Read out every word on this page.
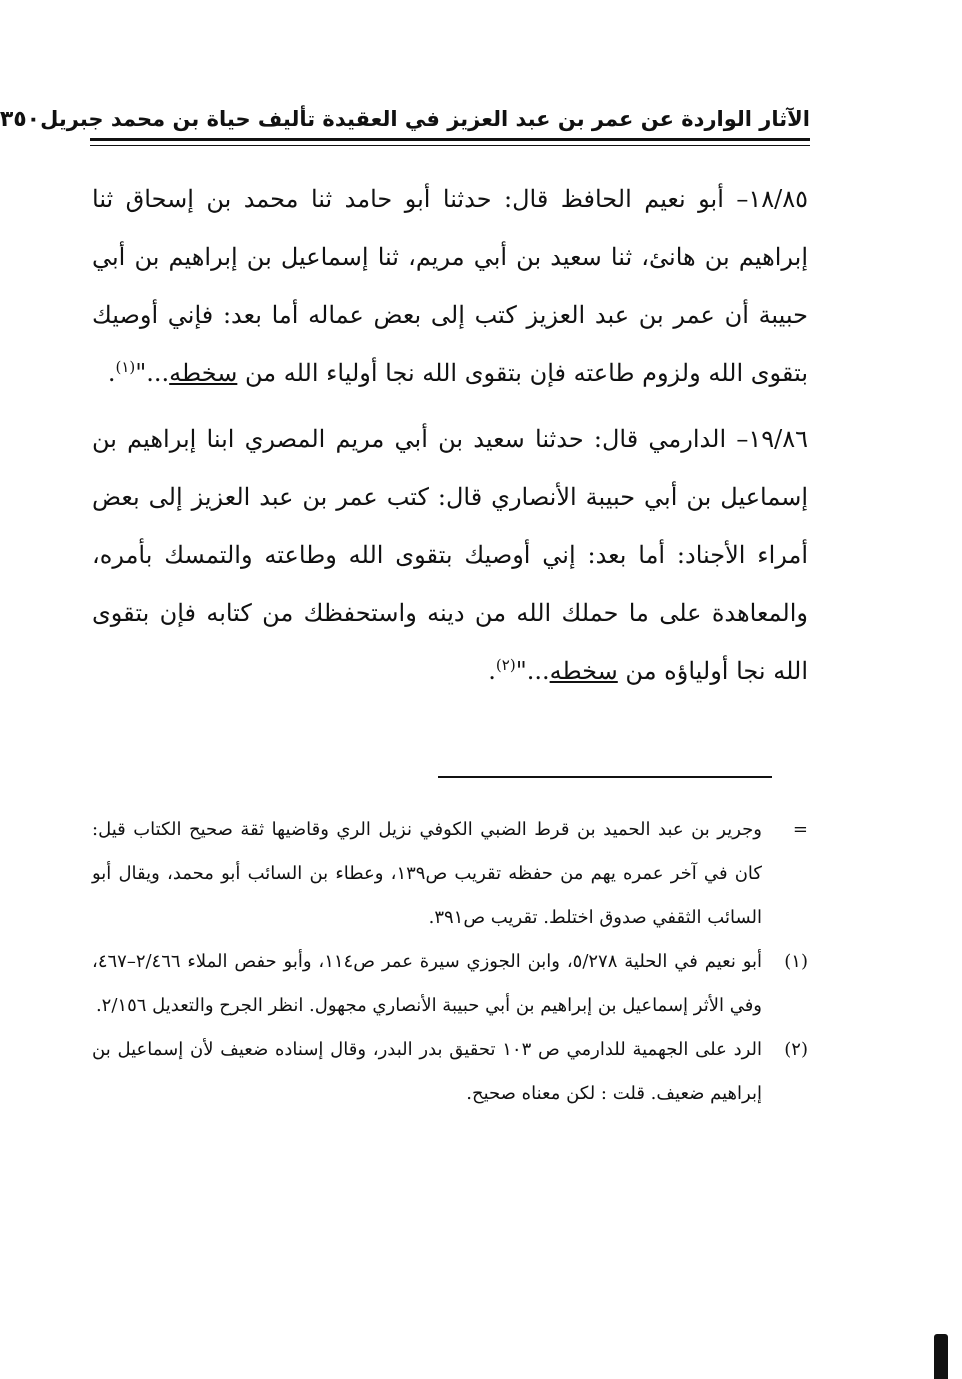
الآثار الواردة عن عمر بن عبد العزيز في العقيدة تأليف حياة بن محمد جبريل
٣٥٠

١٨/٨٥– أبو نعيم الحافظ قال: حدثنا أبو حامد ثنا محمد بن إسحاق ثنا إبراهيم بن هانئ، ثنا سعيد بن أبي مريم، ثنا إسماعيل بن إبراهيم بن أبي حبيبة أن عمر بن عبد العزيز كتب إلى بعض عماله أما بعد: فإني أوصيك بتقوى الله ولزوم طاعته فإن بتقوى الله نجا أولياء الله من سخطه..."$^{(١)}$.

١٩/٨٦– الدارمي قال: حدثنا سعيد بن أبي مريم المصري ابنا إبراهيم بن إسماعيل بن أبي حبيبة الأنصاري قال: كتب عمر بن عبد العزيز إلى بعض أمراء الأجناد: أما بعد: إني أوصيك بتقوى الله وطاعته والتمسك بأمره، والمعاهدة على ما حملك الله من دينه واستحفظك من كتابه فإن بتقوى الله نجا أولياؤه من سخطه..."$^{(٢)}$.

=
وجرير بن عبد الحميد بن قرط الضبي الكوفي نزيل الري وقاضيها ثقة صحيح الكتاب قيل: كان في آخر عمره يهم من حفظه تقريب ص١٣٩، وعطاء بن السائب أبو محمد، ويقال أبو السائب الثقفي صدوق اختلط. تقريب ص٣٩١.
(١)
أبو نعيم في الحلية ٥/٢٧٨، وابن الجوزي سيرة عمر ص١١٤، وأبو حفص الملاء ٢/٤٦٦–٤٦٧، وفي الأثر إسماعيل بن إبراهيم بن أبي حبيبة الأنصاري مجهول. انظر الجرح والتعديل ٢/١٥٦.
(٢)
الرد على الجهمية للدارمي ص ١٠٣ تحقيق بدر البدر، وقال إسناده ضعيف لأن إسماعيل بن إبراهيم ضعيف. قلت : لكن معناه صحيح.
